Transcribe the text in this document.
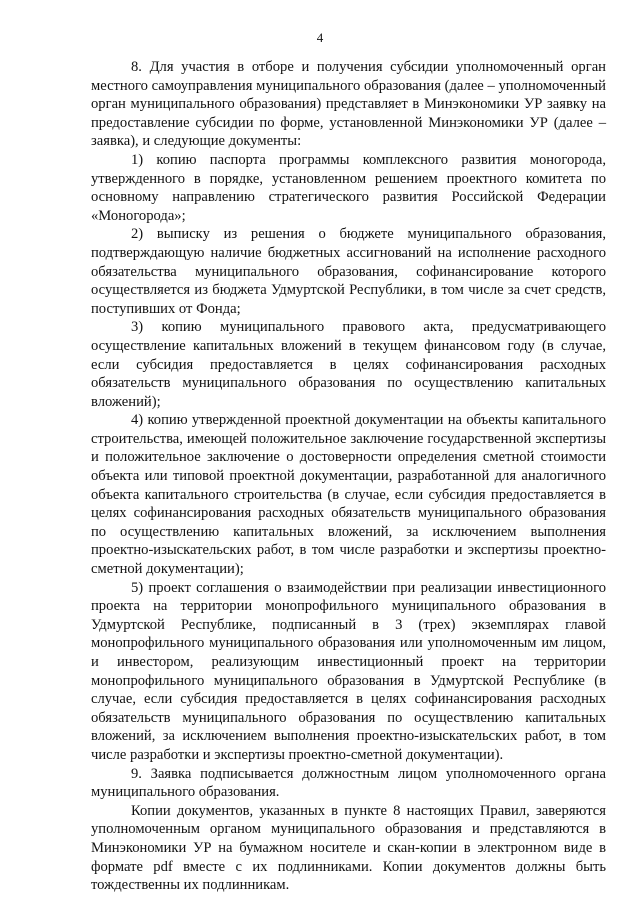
4

8. Для участия в отборе и получения субсидии уполномоченный орган местного самоуправления муниципального образования (далее – уполномоченный орган муниципального образования) представляет в Минэкономики УР заявку на предоставление субсидии по форме, установленной Минэкономики УР (далее – заявка), и следующие документы:

1) копию паспорта программы комплексного развития моногорода, утвержденного в порядке, установленном решением проектного комитета по основному направлению стратегического развития Российской Федерации «Моногорода»;

2) выписку из решения о бюджете муниципального образования, подтверждающую наличие бюджетных ассигнований на исполнение расходного обязательства муниципального образования, софинансирование которого осуществляется из бюджета Удмуртской Республики, в том числе за счет средств, поступивших от Фонда;

3) копию муниципального правового акта, предусматривающего осуществление капитальных вложений в текущем финансовом году (в случае, если субсидия предоставляется в целях софинансирования расходных обязательств муниципального образования по осуществлению капитальных вложений);

4) копию утвержденной проектной документации на объекты капитального строительства, имеющей положительное заключение государственной экспертизы и положительное заключение о достоверности определения сметной стоимости объекта или типовой проектной документации, разработанной для аналогичного объекта капитального строительства (в случае, если субсидия предоставляется в целях софинансирования расходных обязательств муниципального образования по осуществлению капитальных вложений, за исключением выполнения проектно-изыскательских работ, в том числе разработки и экспертизы проектно-сметной документации);

5) проект соглашения о взаимодействии при реализации инвестиционного проекта на территории монопрофильного муниципального образования в Удмуртской Республике, подписанный в 3 (трех) экземплярах главой монопрофильного муниципального образования или уполномоченным им лицом, и инвестором, реализующим инвестиционный проект на территории монопрофильного муниципального образования в Удмуртской Республике (в случае, если субсидия предоставляется в целях софинансирования расходных обязательств муниципального образования по осуществлению капитальных вложений, за исключением выполнения проектно-изыскательских работ, в том числе разработки и экспертизы проектно-сметной документации).

9. Заявка подписывается должностным лицом уполномоченного органа муниципального образования.

Копии документов, указанных в пункте 8 настоящих Правил, заверяются уполномоченным органом муниципального образования и представляются в Минэкономики УР на бумажном носителе и скан-копии в электронном виде в формате pdf вместе с их подлинниками. Копии документов должны быть тождественны их подлинникам.
